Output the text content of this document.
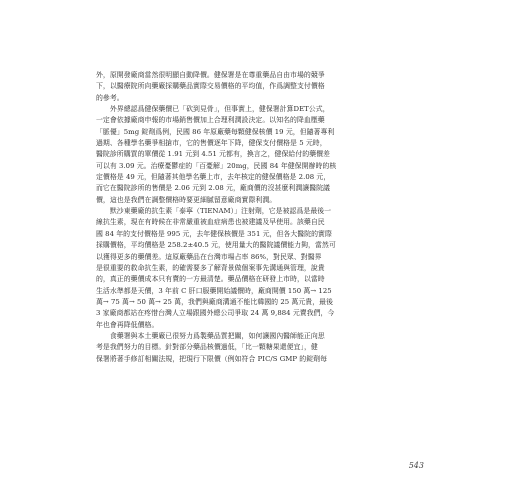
外，原開發廠商當然很明顯自動降價。健保署是在尊重藥品自由市場的競爭
下，以醫療院所向藥廠採購藥品實際交易價格的平均值，作爲調整支付價格
的參考。
　　外界總認爲健保藥價已「砍到見骨」，但事實上，健保署計算DET公式，
一定會依據廠商申報的市場銷售價加上合理利潤設決定。以知名的降血壓藥
「脈優」5mg 錠劑爲例，民國 86 年原廠藥每顆健保核價 19 元，但隨著專利
過期、各種學名藥爭相搶市，它的售價逐年下降，健保支付價格是 5 元時，
醫院診所購買的單價從 1.91 元到 4.51 元都有，換言之，健保給付的藥價差
可以有 3.09 元。治療憂鬱症的「百憂解」20mg，民國 84 年健保開辦時的核
定價格是 49 元，但隨著其他學名藥上市，去年核定的健保價格是 2.08 元，
而它在醫院診所的售價是 2.06 元到 2.08 元，廠商價的沒甚麼利潤讓醫院議
價，這也是我們在調整價格時要更細膩留意廠商實際利潤。
　　默沙東藥廠的抗生素「泰寧（TIENAM）」注射劑，它是被認爲是最後一
線抗生素，現在有時候在非常嚴重被血症病患也被建議及早使用。該藥自民
國 84 年的支付價格是 995 元，去年健保核價是 351 元，但各大醫院的實際
採購價格，平均價格是 258.2±40.5 元，使用量大的醫院議價能力夠，當然可
以獲得更多的藥價差。這原廠藥品在台灣市場占率 86%，對民眾、對醫界
是很重要的救命抗生素，的確需要多了解背景做個案事先溝通與管理，說貴
的，真正的藥價成本只有賣的一方最清楚。藥品價格在研發上市時，以當時
生活水準都是天價，3 年前 C 肝口服藥開始議價時，廠商開價 150 萬→ 125
萬→ 75 萬→ 50 萬→ 25 萬，我們與廠商溝通不能比韓國的 25 萬元貴，最後
3 家廠商都站在疼惜台灣人立場跟國外總公司爭取 24 萬 9,884 元賣我們，今
年也會再降低價格。
　　食藥署與本土藥廠已很努力爲製藥品質把關，如何讓國內醫師能正向思
考是我們努力的目標。針對部分藥品核價過低，「比一顆糖果還便宜」，健
保署將著手修訂相關法規，把現行下限價（例如符合 PIC/S GMP 的錠劑每
543
